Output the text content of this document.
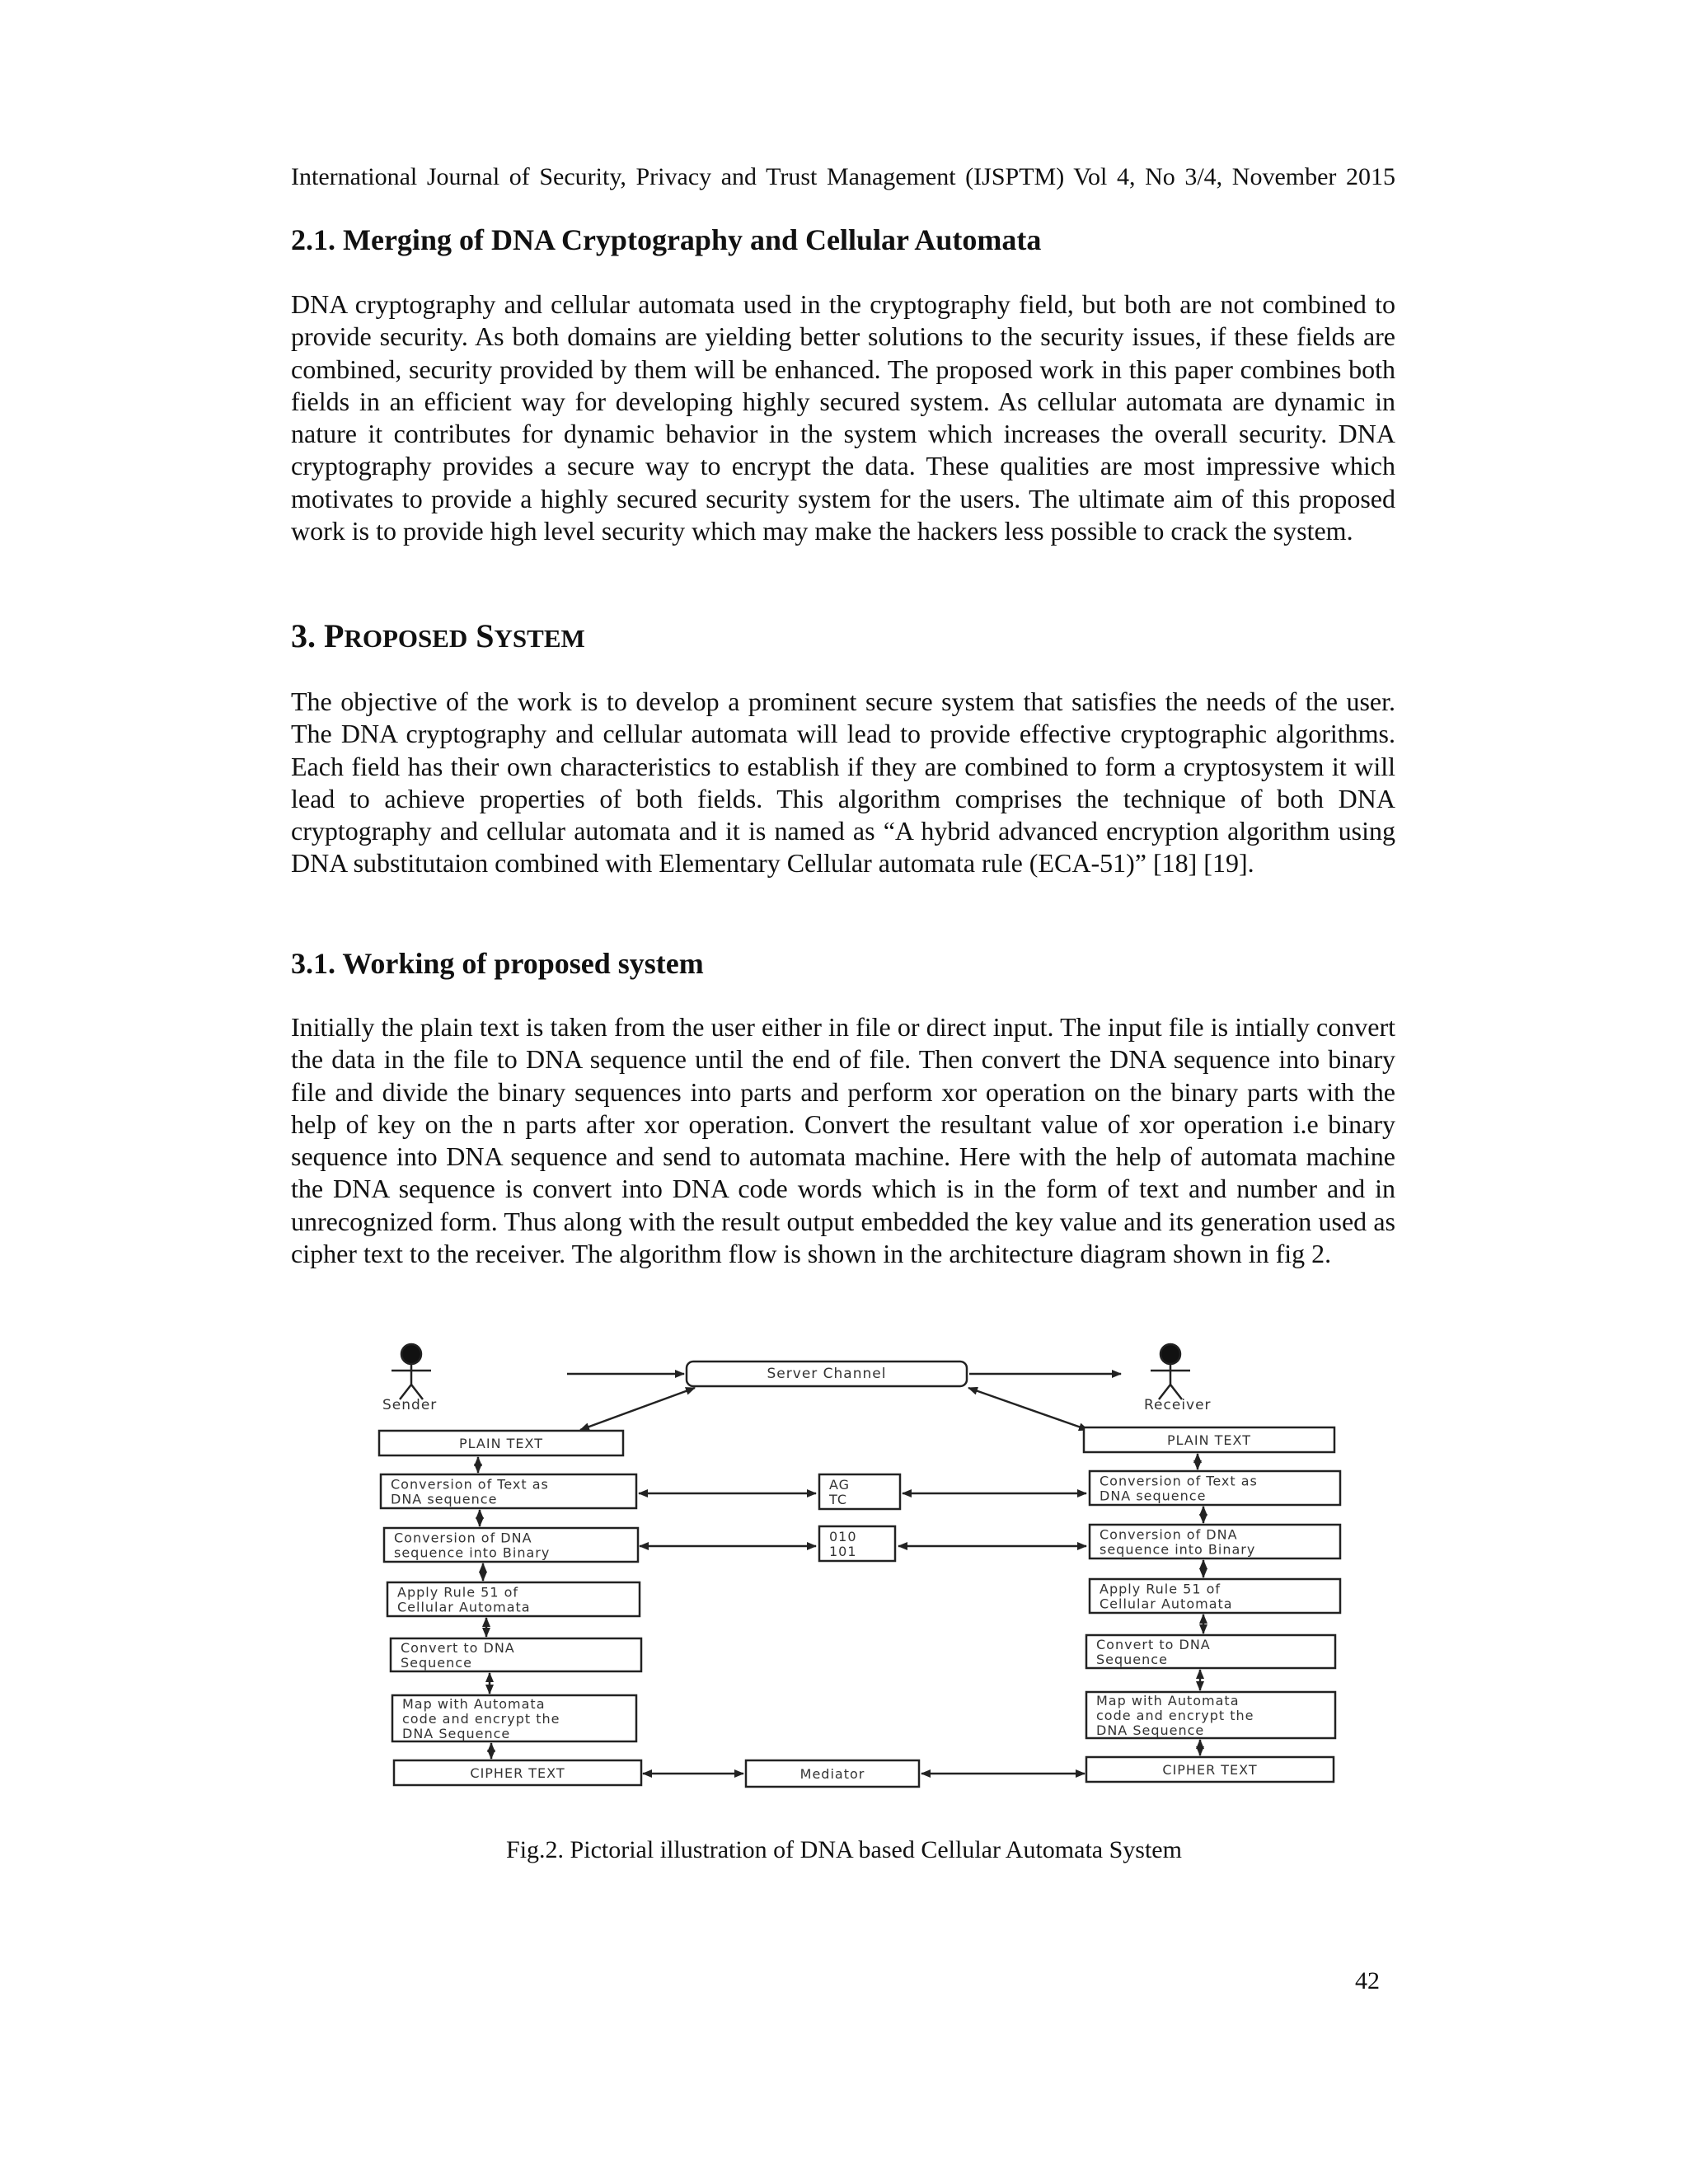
International Journal of Security, Privacy and Trust Management (IJSPTM) Vol 4, No 3/4, November 2015
2.1. Merging of DNA Cryptography and Cellular Automata
DNA cryptography and cellular automata used in the cryptography field, but both are not combined to provide security. As both domains are yielding better solutions to the security issues, if these fields are combined, security provided by them will be enhanced. The proposed work in this paper combines both fields in an efficient way for developing highly secured system. As cellular automata are dynamic in nature it contributes for dynamic behavior in the system which increases the overall security. DNA cryptography provides a secure way to encrypt the data. These qualities are most impressive which motivates to provide a highly secured security system for the users. The ultimate aim of this proposed work is to provide high level security which may make the hackers less possible to crack the system.
3. PROPOSED SYSTEM
The objective of the work is to develop a prominent secure system that satisfies the needs of the user. The DNA cryptography and cellular automata will lead to provide effective cryptographic algorithms. Each field has their own characteristics to establish if they are combined to form a cryptosystem it will lead to achieve properties of both fields. This algorithm comprises the technique of both DNA cryptography and cellular automata and it is named as “A hybrid advanced encryption algorithm using DNA substitutaion combined with Elementary Cellular automata rule (ECA-51)” [18] [19].
3.1. Working of proposed system
Initially the plain text is taken from the user either in file or direct input. The input file is intially convert the data in the file to DNA sequence until the end of file. Then convert the DNA sequence into binary file and divide the binary sequences into parts and perform xor operation on the binary parts with the help of key on the n parts after xor operation. Convert the resultant value of xor operation i.e binary sequence into DNA sequence and send to automata machine. Here with the help of automata machine the DNA sequence is convert into DNA code words which is in the form of text and number and in unrecognized form. Thus along with the result output embedded the key value and its generation used as cipher text to the receiver. The algorithm flow is shown in the architecture diagram shown in fig 2.
Sender	Receiver
Server Channel
PLAIN TEXT
Conversion of Text as
DNA sequence
Conversion of DNA
sequence into Binary
Apply Rule 51 of
Cellular Automata
Convert to DNA
Sequence
Map with Automata
code and encrypt the
DNA Sequence
CIPHER TEXT
PLAIN TEXT
Conversion of Text as
DNA sequence
Conversion of DNA
sequence into Binary
Apply Rule 51 of
Cellular Automata
Convert to DNA
Sequence
Map with Automata
code and encrypt the
DNA Sequence
CIPHER TEXT
AG
TC
010
101
Mediator
Fig.2. Pictorial illustration of DNA based Cellular Automata System
42
